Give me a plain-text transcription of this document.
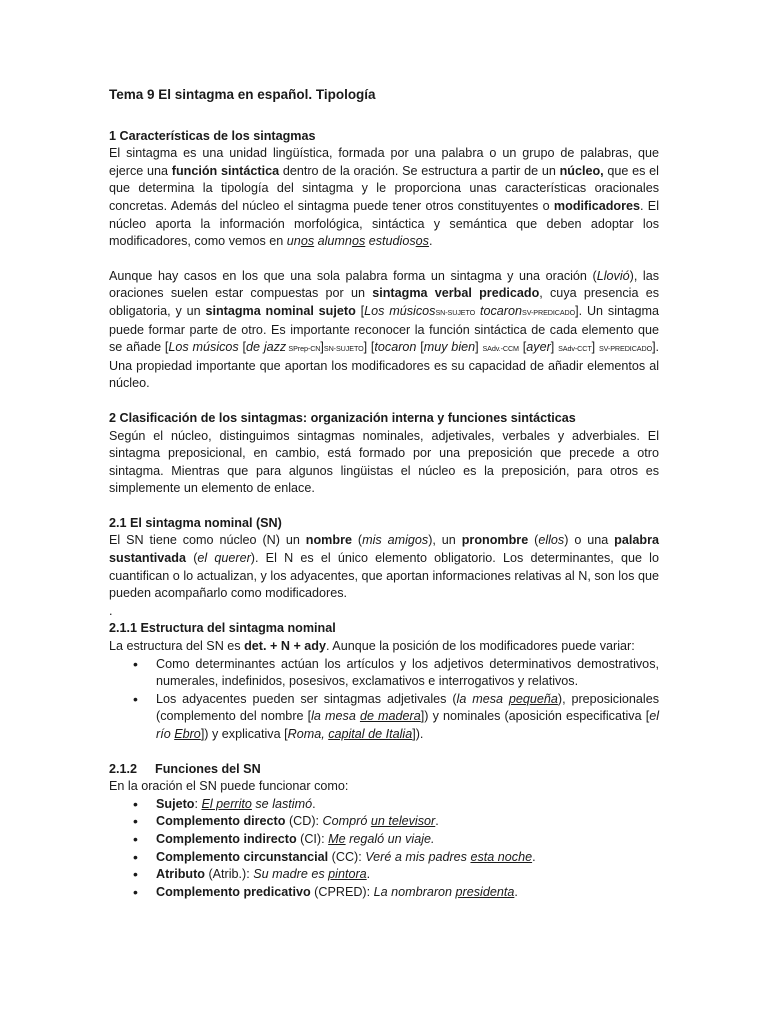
Tema 9 El sintagma en español. Tipología

1 Características de los sintagmas

El sintagma es una unidad lingüística, formada por una palabra o un grupo de palabras, que ejerce una función sintáctica dentro de la oración. Se estructura a partir de un núcleo, que es el que determina la tipología del sintagma y le proporciona unas características oracionales concretas. Además del núcleo el sintagma puede tener otros constituyentes o modificadores. El núcleo aporta la información morfológica, sintáctica y semántica que deben adoptar los modificadores, como vemos en unos alumnos estudiosos.

Aunque hay casos en los que una sola palabra forma un sintagma y una oración (Llovió), las oraciones suelen estar compuestas por un sintagma verbal predicado, cuya presencia es obligatoria, y un sintagma nominal sujeto [Los músicosSN-SUJETO tocaronSV-PREDICADO]. Un sintagma puede formar parte de otro. Es importante reconocer la función sintáctica de cada elemento que se añade [Los músicos [de jazz SPrep-CN]SN-SUJETO] [tocaron [muy bien] SAdv.-CCM [ayer] SAdv-CCT] SV-PREDICADO]. Una propiedad importante que aportan los modificadores es su capacidad de añadir elementos al núcleo.

2 Clasificación de los sintagmas: organización interna y funciones sintácticas

Según el núcleo, distinguimos sintagmas nominales, adjetivales, verbales y adverbiales. El sintagma preposicional, en cambio, está formado por una preposición que precede a otro sintagma. Mientras que para algunos lingüistas el núcleo es la preposición, para otros es simplemente un elemento de enlace.

2.1 El sintagma nominal (SN)

El SN tiene como núcleo (N) un nombre (mis amigos), un pronombre (ellos) o una palabra sustantivada (el querer). El N es el único elemento obligatorio. Los determinantes, que lo cuantifican o lo actualizan, y los adyacentes, que aportan informaciones relativas al N, son los que pueden acompañarlo como modificadores.

.

2.1.1 Estructura del sintagma nominal

La estructura del SN es det. + N + ady. Aunque la posición de los modificadores puede variar:

• Como determinantes actúan los artículos y los adjetivos determinativos demostrativos, numerales, indefinidos, posesivos, exclamativos e interrogativos y relativos.
• Los adyacentes pueden ser sintagmas adjetivales (la mesa pequeña), preposicionales (complemento del nombre [la mesa de madera]) y nominales (aposición especificativa [el río Ebro]) y explicativa [Roma, capital de Italia]).

2.1.2 Funciones del SN

En la oración el SN puede funcionar como:

• Sujeto: El perrito se lastimó.
• Complemento directo (CD): Compró un televisor.
• Complemento indirecto (CI): Me regaló un viaje.
• Complemento circunstancial (CC): Veré a mis padres esta noche.
• Atributo (Atrib.): Su madre es pintora.
• Complemento predicativo (CPRED): La nombraron presidenta.
